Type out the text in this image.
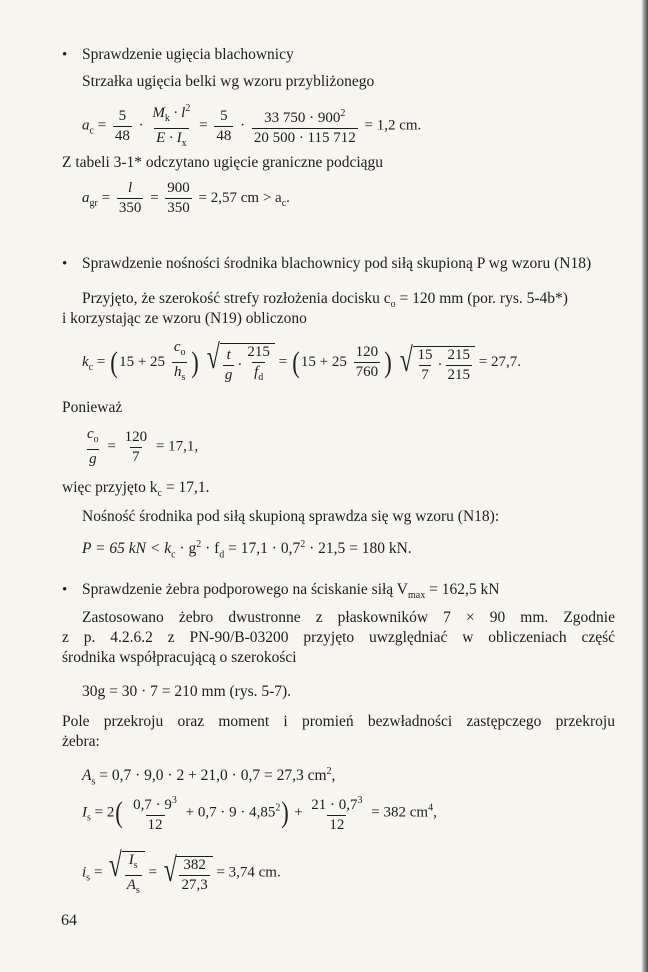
• Sprawdzenie ugięcia blachownicy
Strzałka ugięcia belki wg wzoru przybliżonego
$a_c = \frac{5}{48} \cdot \frac{M_k \cdot l^2}{E \cdot I_x} = \frac{5}{48} \cdot \frac{33 750 \cdot 900^2}{20 500 \cdot 115 712} = 1,2$ cm.
Z tabeli 3-1* odczytano ugięcie graniczne podciągu
$a_{gr} = \frac{l}{350} = \frac{900}{350} = 2,57$ cm > $a_c$.
• Sprawdzenie nośności środnika blachownicy pod siłą skupioną P wg wzoru (N18)
Przyjęto, że szerokość strefy rozłożenia docisku $c_o = 120$ mm (por. rys. 5-4b*)
i korzystając ze wzoru (N19) obliczono
$k_c = (15 + 25 \frac{c_o}{h_s}$ ) √ t
g
·
215
$f_d$
= ($15 + 25 \frac{120}{760}$ ) √ 15
7
·
215
215
= 27,7.
Ponieważ
$\frac{c_o}{g} = \frac{120}{7} = 17,1$,
więc przyjęto $k_c = 17,1$.
Nośność środnika pod siłą skupioną sprawdza się wg wzoru (N18):
P = 65 kN < $k_c \cdot g^2 \cdot f_d = 17,1 \cdot 0,7^2 \cdot 21,5 = 180$ kN.
• Sprawdzenie żebra podporowego na ściskanie siłą $V_{max} = 162,5$ kN
Zastosowano żebro dwustronne z płaskowników 7 × 90 mm. Zgodnie
z p. 4.2.6.2 z PN-90/B-03200 przyjęto uwzględniać w obliczeniach część
środnika współpracującą o szerokości
30g = 30 · 7 = 210 mm (rys. 5-7).
Pole przekroju oraz moment i promień bezwładności zastępczego przekroju
żebra:
$A_s = 0,7 \cdot 9,0 \cdot 2 + 21,0 \cdot 0,7 = 27,3$ $cm^2$,
$I_s = 2( \frac{0,7 \cdot 9^3}{12} + 0,7 \cdot 9 \cdot 4,85^2) + \frac{21 \cdot 0,7^3}{12} = 382$ $cm^4$,
$i_s$ = √ $I_s$
$A_s$
= √ 382
27,3
= 3,74 cm.
64
